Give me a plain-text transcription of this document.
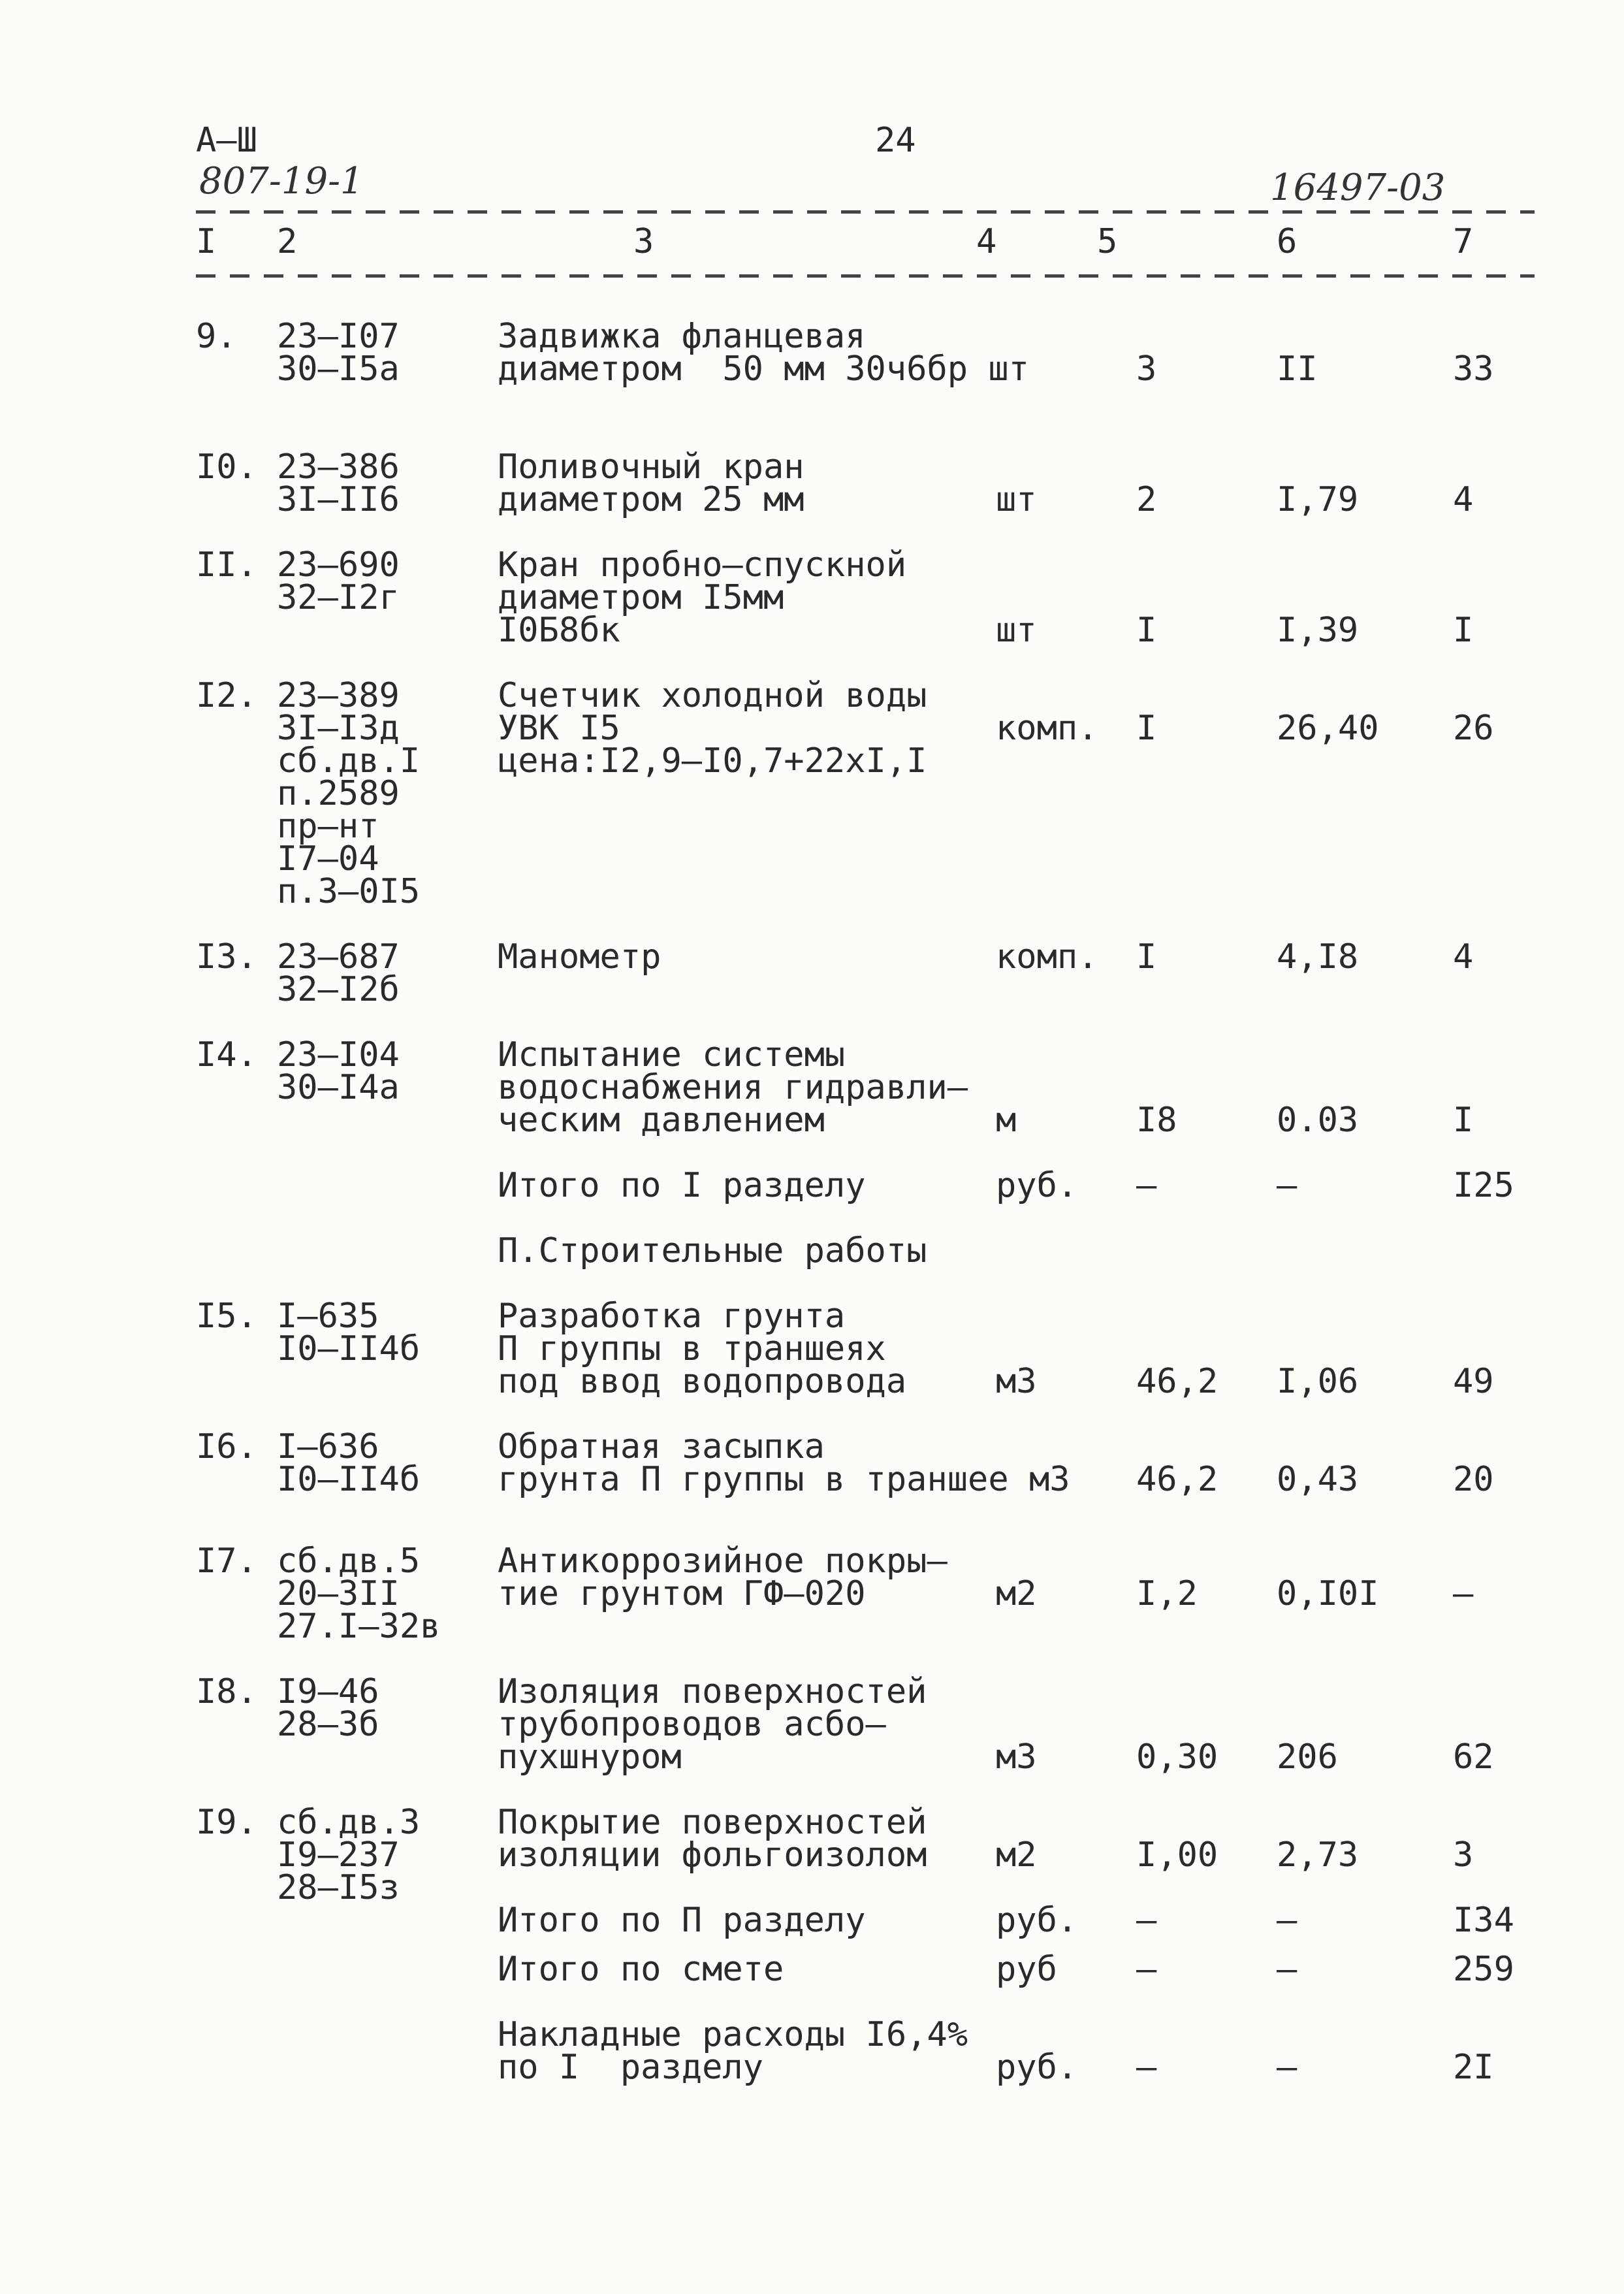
А–Ш	24
807-19-1	16497-03
I 2	3	4	5	6	7
9. 23–I07
30–I5а
Задвижка фланцевая
диаметром  50 мм 30ч6бр шт	3	II	33
I0. 23–386
3I–II6
Поливочный кран
диаметром 25 мм	шт	2	I,79	4
II. 23–690
32–I2г
Кран пробно–спускной
диаметром I5мм
I0Б8бк	шт	I	I,39	I
I2. 23–389
3I–I3д
сб.дв.I
п.2589
пр–нт
I7–04
п.3–0I5
Счетчик холодной воды
УВК I5
цена:I2,9–I0,7+22хI,I
комп. I	26,40 26
I3. 23–687
32–I2б
Манометр	комп. I	4,I8	4
I4. 23–I04
30–I4а
Испытание системы
водоснабжения гидравли–
ческим давлением	м	I8	0.03	I
Итого по I разделу	руб. –	–	I25
П.Строительные работы
I5. I–635
I0–II4б
Разработка грунта
П группы в траншеях
под ввод водопровода	м3	46,2 I,06	49
I6. I–636
I0–II4б
Обратная засыпка
грунта П группы в траншее м3 46,2 0,43	20
I7. сб.дв.5
20–3II
27.I–32в
Антикоррозийное покры–
тие грунтом ГФ–020	м2	I,2 0,I0I –
I8. I9–46
28–3б
Изоляция поверхностей
трубопроводов асбо–
пухшнуром	м3	0,30 206	62
I9. сб.дв.3
I9–237
28–I5з
Покрытие поверхностей
изоляции фольгоизолом м2	I,00 2,73	3
Итого по П разделу	руб. –	–	I34
Итого по смете	руб –	–	259
Накладные расходы I6,4%
по I  разделу	руб. –	–	2I
